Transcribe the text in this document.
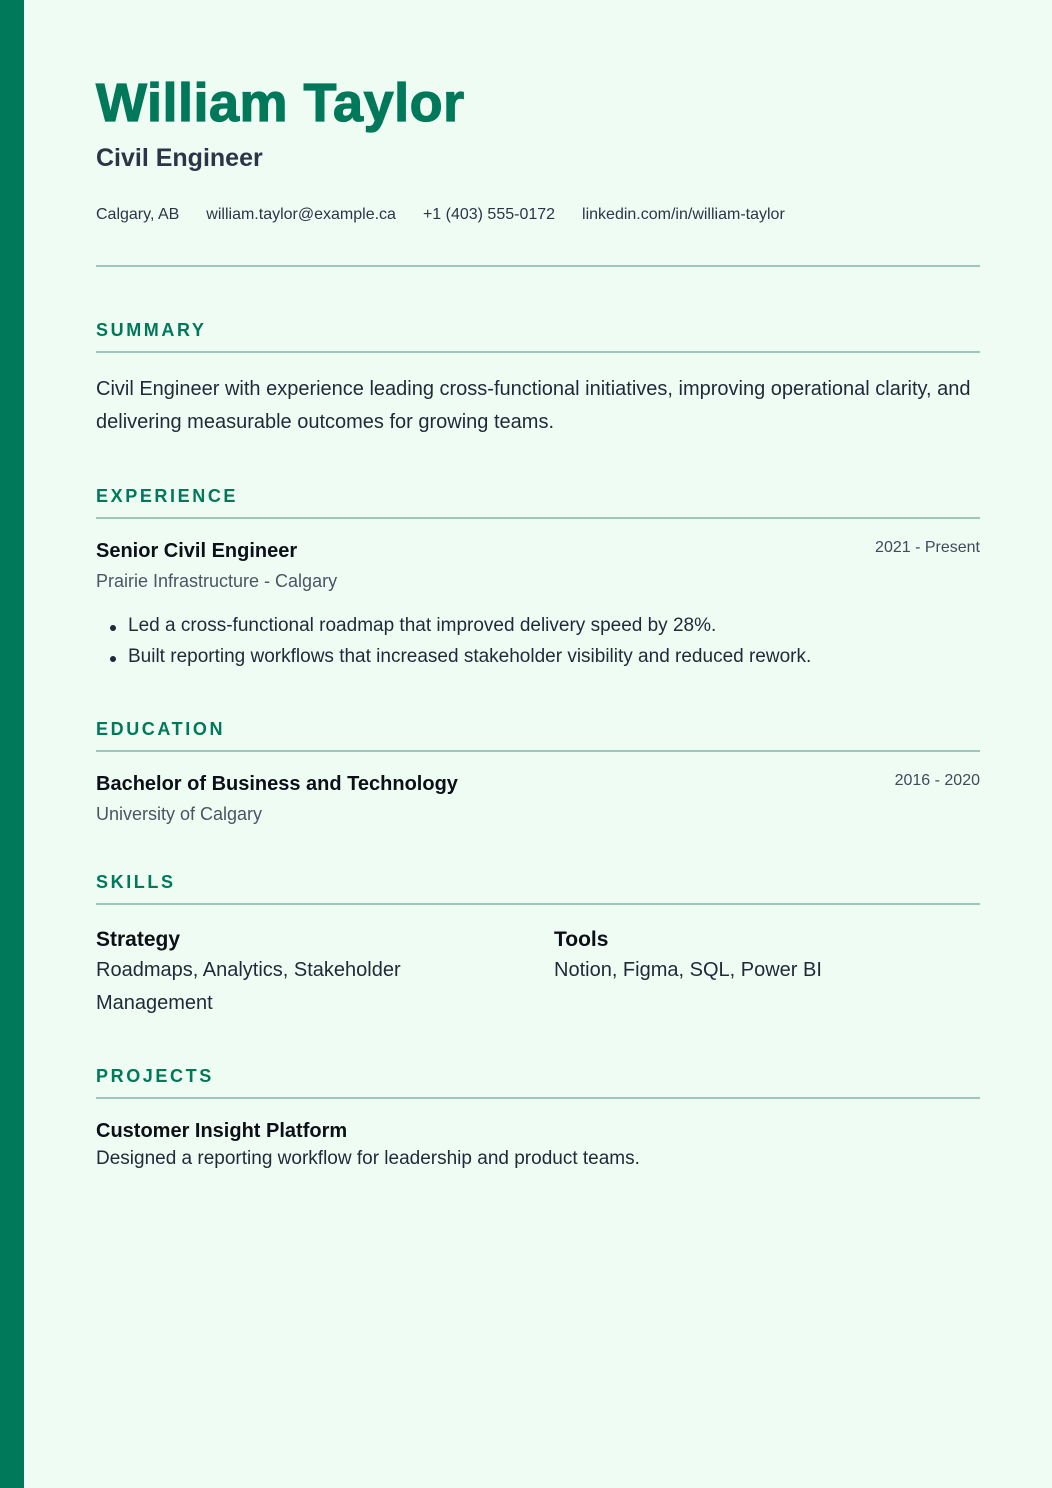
William Taylor
Civil Engineer
Calgary, AB william.taylor@example.ca +1 (403) 555-0172 linkedin.com/in/william-taylor
SUMMARY
Civil Engineer with experience leading cross-functional initiatives, improving operational clarity, and delivering measurable outcomes for growing teams.
EXPERIENCE
Senior Civil Engineer	2021 - Present
Prairie Infrastructure - Calgary
Led a cross-functional roadmap that improved delivery speed by 28%.
Built reporting workflows that increased stakeholder visibility and reduced rework.
EDUCATION
Bachelor of Business and Technology	2016 - 2020
University of Calgary
SKILLS
Strategy
Roadmaps, Analytics, Stakeholder Management
Tools
Notion, Figma, SQL, Power BI
PROJECTS
Customer Insight Platform
Designed a reporting workflow for leadership and product teams.
